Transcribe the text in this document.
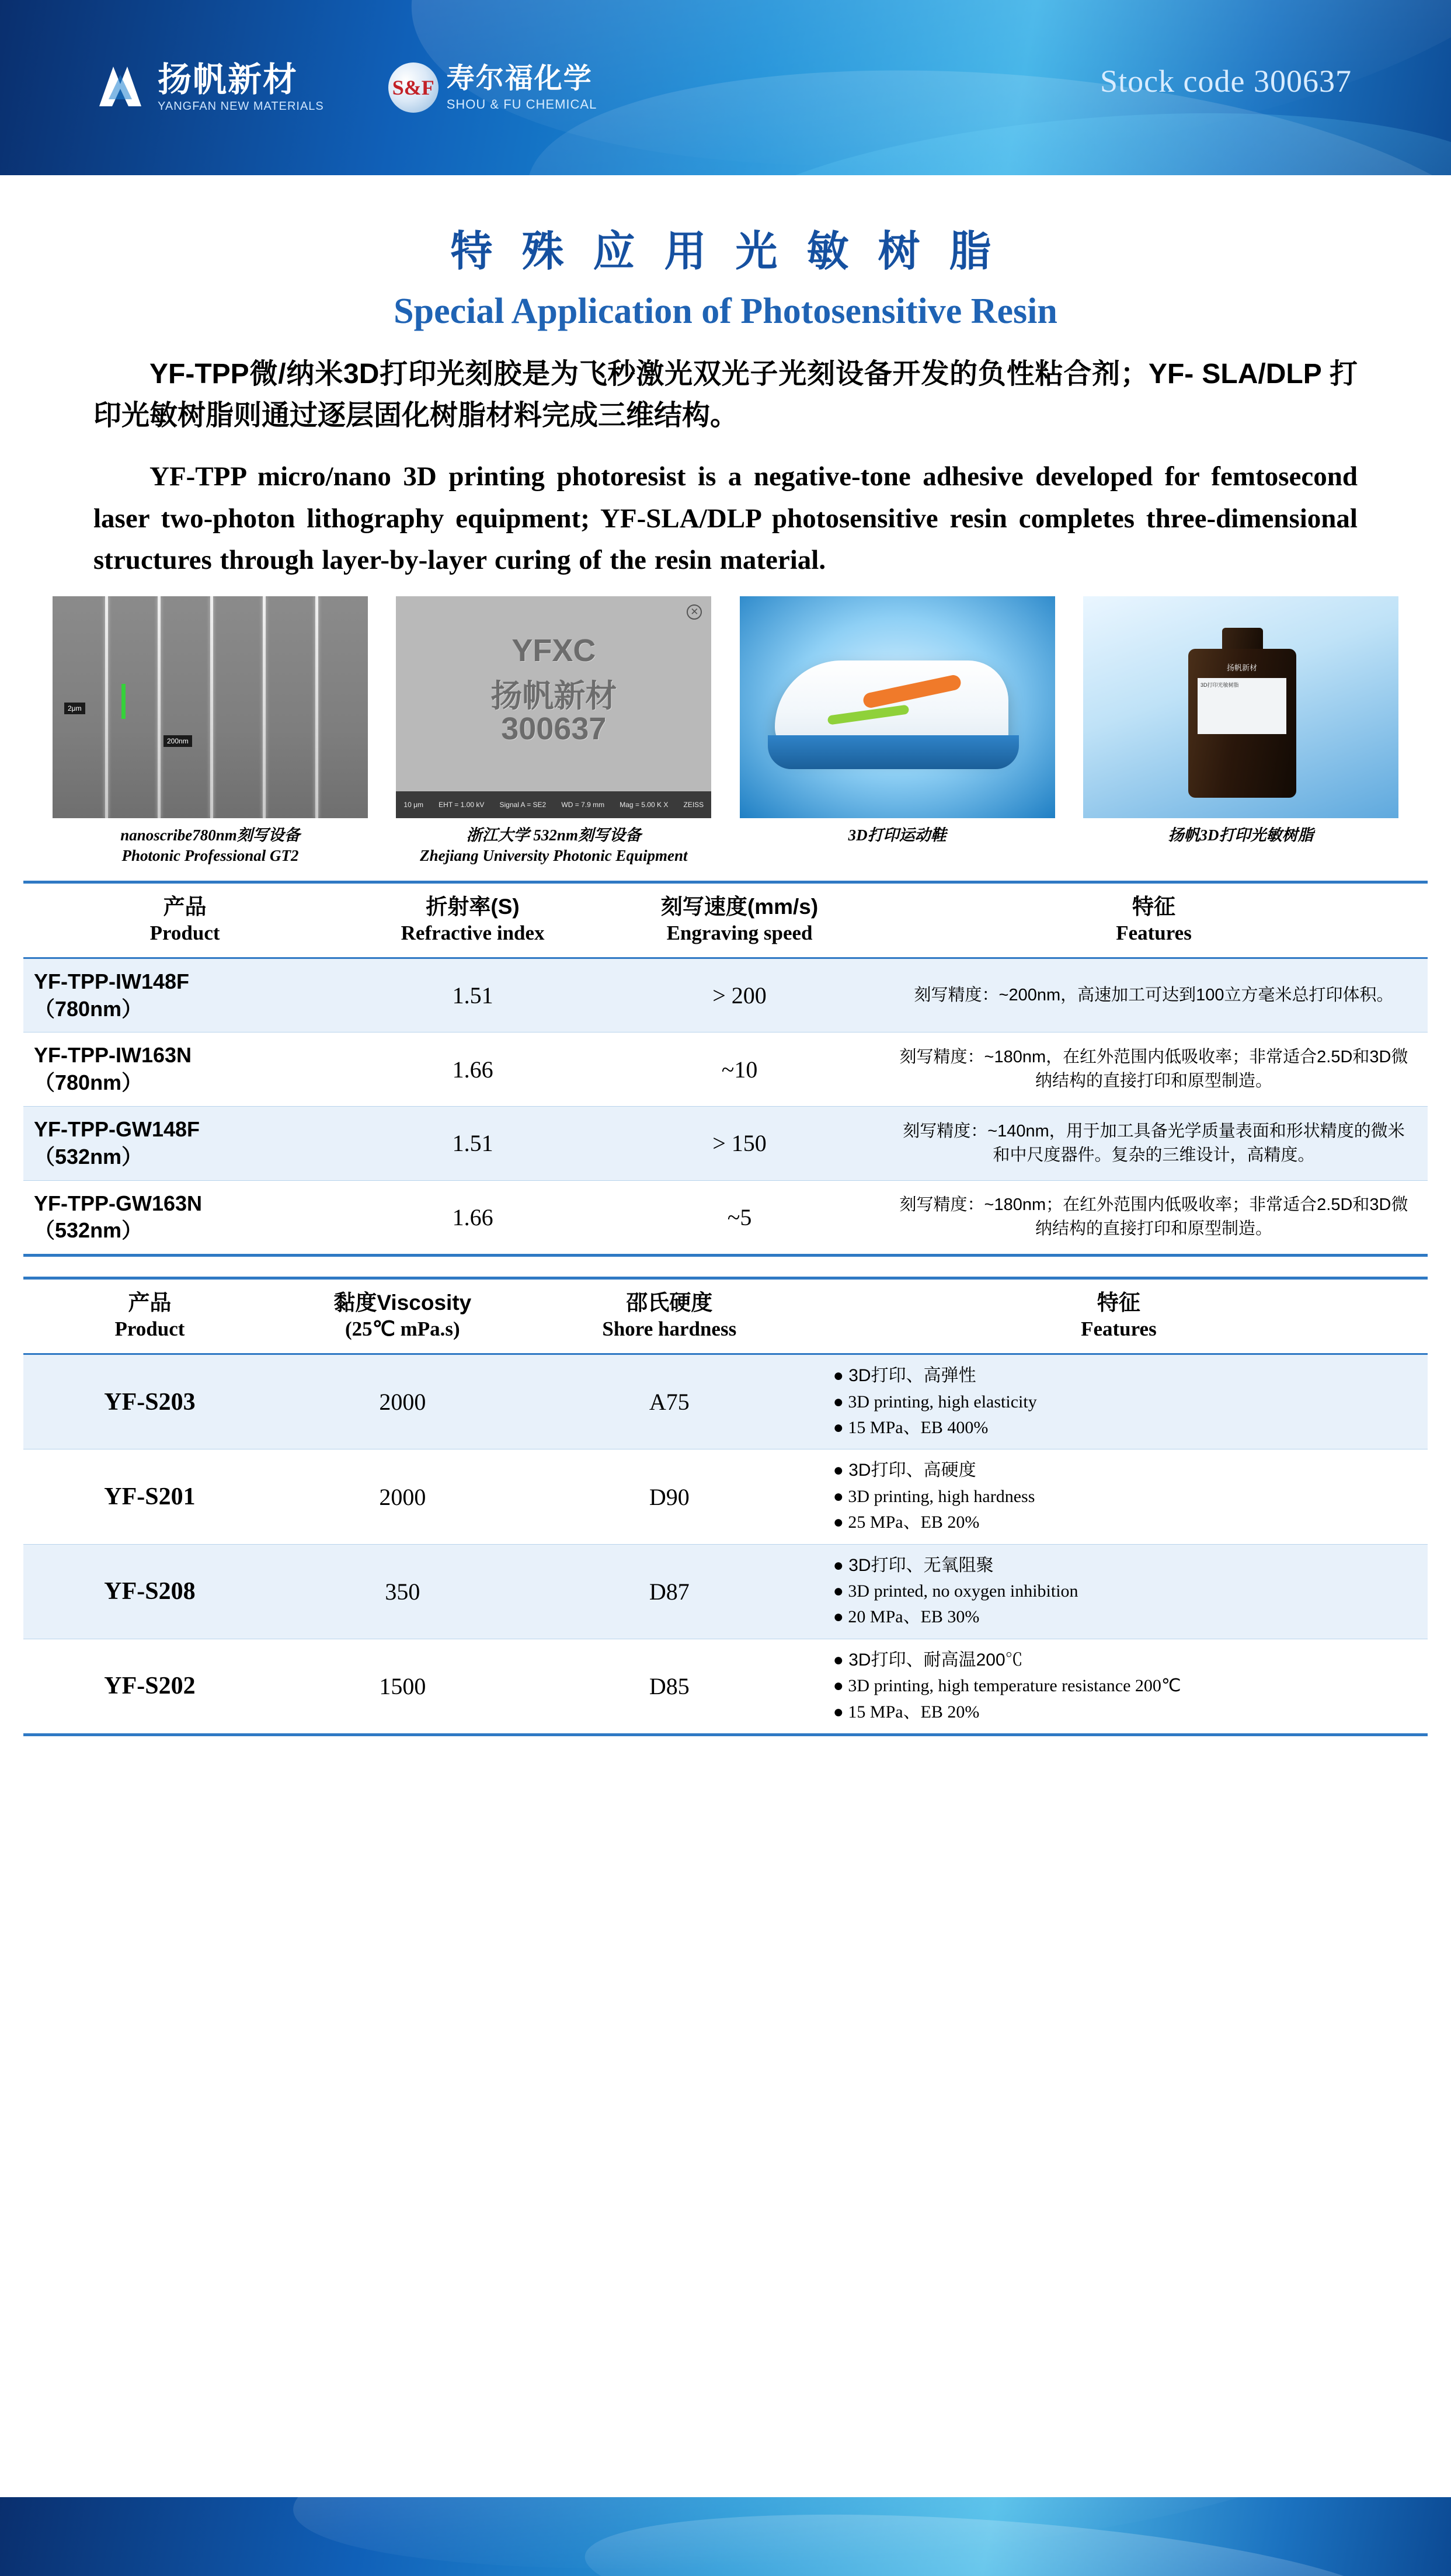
扬帆新材
YANGFAN NEW MATERIALS
S&F 寿尔福化学
SHOU & FU CHEMICAL
Stock code 300637
特 殊 应 用 光 敏 树 脂
Special Application of Photosensitive Resin

YF-TPP微/纳米3D打印光刻胶是为飞秒激光双光子光刻设备开发的负性粘合剂；YF- SLA/DLP 打印光敏树脂则通过逐层固化树脂材料完成三维结构。

YF-TPP micro/nano 3D printing photoresist is a negative-tone adhesive developed for femtosecond laser two-photon lithography equipment; YF-SLA/DLP photosensitive resin completes three-dimensional structures through layer-by-layer curing of the resin material.

2μm
200nm
nanoscribe780nm刻写设备
Photonic Professional GT2
✕
YFXC
扬帆新材
300637
10 μm EHT = 1.00 kV Signal A = SE2 WD = 7.9 mm Mag = 5.00 K X ZEISS
浙江大学 532nm刻写设备
Zhejiang University Photonic Equipment
3D打印运动鞋
扬帆新材
3D打印光敏树脂
扬帆3D打印光敏树脂
产品
Product	折射率(S)
Refractive index	刻写速度(mm/s)
Engraving speed	特征
Features

YF-TPP-IW148F
（780nm）	1.51	> 200	刻写精度：~200nm，高速加工可达到100立方毫米总打印体积。
YF-TPP-IW163N
（780nm）	1.66	~10	刻写精度：~180nm，在红外范围内低吸收率；非常适合2.5D和3D微纳结构的直接打印和原型制造。
YF-TPP-GW148F
（532nm）	1.51	> 150	刻写精度：~140nm，用于加工具备光学质量表面和形状精度的微米和中尺度器件。复杂的三维设计，高精度。
YF-TPP-GW163N
（532nm）	1.66	~5	刻写精度：~180nm；在红外范围内低吸收率；非常适合2.5D和3D微纳结构的直接打印和原型制造。
产品
Product	黏度Viscosity
(25℃ mPa.s)	邵氏硬度
Shore hardness	特征
Features

YF-S203	2000	A75	● 3D打印、高弹性
● 3D printing, high elasticity
● 15 MPa、EB 400%

YF-S201	2000	D90	● 3D打印、高硬度
● 3D printing, high hardness
● 25 MPa、EB 20%

YF-S208	350	D87	● 3D打印、无氧阻聚
● 3D printed, no oxygen inhibition
● 20 MPa、EB 30%

YF-S202	1500	D85	● 3D打印、耐高温200℃
● 3D printing, high temperature resistance 200℃
● 15 MPa、EB 20%
